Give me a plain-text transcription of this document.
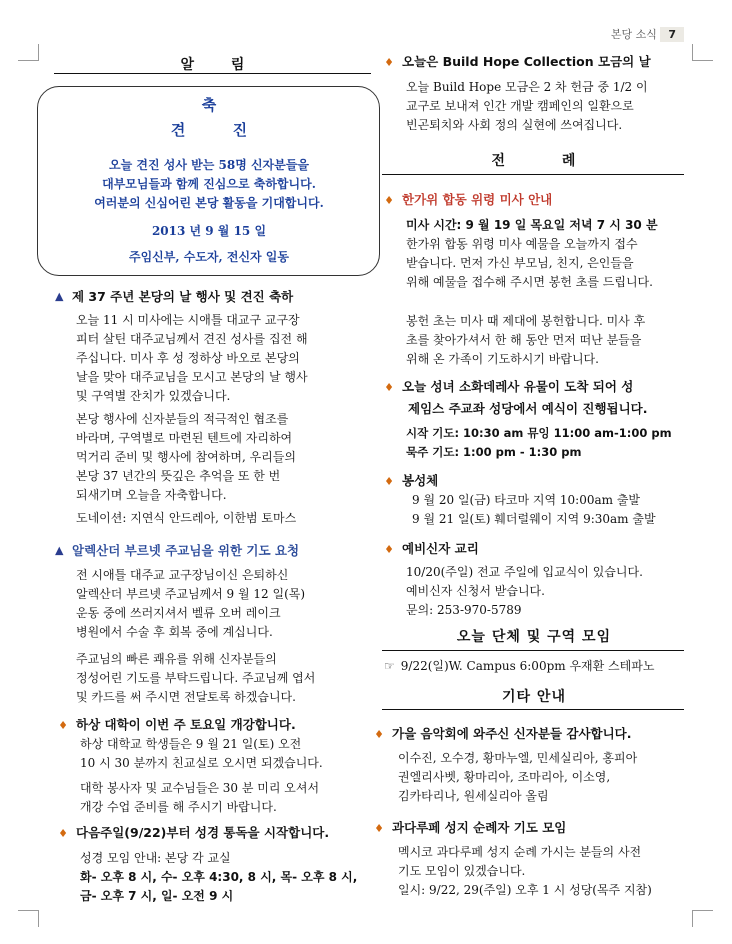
본당 소식 7
알 림
축
견 진
오늘 견진 성사 받는 58명 신자분들을
대부모님들과 함께 진심으로 축하합니다.
여러분의 신심어린 본당 활동을 기대합니다.
2013 년 9 월 15 일
주임신부, 수도자, 전신자 일동
▼ 제 37 주년 본당의 날 행사 및 견진 축하
오늘 11 시 미사에는 시애틀 대교구 교구장
피터 살틴 대주교님께서 견진 성사를 집전 해
주십니다. 미사 후 성 정하상 바오로 본당의
날을 맞아 대주교님을 모시고 본당의 날 행사
및 구역별 잔치가 있겠습니다.
본당 행사에 신자분들의 적극적인 협조를
바라며, 구역별로 마련된 텐트에 자리하여
먹거리 준비 및 행사에 참여하며, 우리들의
본당 37 년간의 뜻깊은 추억을 또 한 번
되새기며 오늘을 자축합니다.
도네이션: 지연식 안드레아, 이한범 토마스
▼ 알렉산더 부르넷 주교님을 위한 기도 요청
전 시애틀 대주교 교구장님이신 은퇴하신
알렉산더 부르넷 주교님께서 9 월 12 일(목)
운동 중에 쓰러지셔서 벨류 오버 레이크
병원에서 수술 후 회복 중에 계십니다.
주교님의 빠른 쾌유를 위해 신자분들의
정성어린 기도를 부탁드립니다. 주교님께 엽서
및 카드를 써 주시면 전달토록 하겠습니다.
♦ 하상 대학이 이번 주 토요일 개강합니다.
하상 대학교 학생들은 9 월 21 일(토) 오전
10 시 30 분까지 친교실로 오시면 되겠습니다.
대학 봉사자 및 교수님들은 30 분 미리 오셔서
개강 수업 준비를 해 주시기 바랍니다.
♦ 다음주일(9/22)부터 성경 통독을 시작합니다.
성경 모임 안내: 본당 각 교실
화- 오후 8 시, 수- 오후 4:30, 8 시, 목- 오후 8 시,
금- 오후 7 시, 일- 오전 9 시
♦ 오늘은 Build Hope Collection 모금의 날
오늘 Build Hope 모금은 2 차 헌금 중 1/2 이
교구로 보내져 인간 개발 캠페인의 일환으로
빈곤퇴치와 사회 정의 실현에 쓰여집니다.
전 례
♦ 한가위 합동 위령 미사 안내
미사 시간: 9 월 19 일 목요일 저녁 7 시 30 분
한가위 합동 위령 미사 예물을 오늘까지 접수
받습니다. 먼저 가신 부모님, 친지, 은인들을
위해 예물을 접수해 주시면 봉헌 초를 드립니다.
봉헌 초는 미사 때 제대에 봉헌합니다. 미사 후
초를 찾아가셔서 한 해 동안 먼저 떠난 분들을
위해 온 가족이 기도하시기 바랍니다.
♦ 오늘 성녀 소화데레사 유물이 도착 되어 성
제임스 주교좌 성당에서 예식이 진행됩니다.
시작 기도: 10:30 am 뮤잉 11:00 am-1:00 pm
묵주 기도: 1:00 pm - 1:30 pm
♦ 봉성체
9 월 20 일(금) 타코마 지역 10:00am 출발
9 월 21 일(토) 훼더럴웨이 지역 9:30am 출발
♦ 예비신자 교리
10/20(주일) 전교 주일에 입교식이 있습니다.
예비신자 신청서 받습니다.
문의: 253-970-5789
오늘 단체 및 구역 모임
☞ 9/22(일)W. Campus 6:00pm 우재환 스테파노
기타 안내
♦ 가을 음악회에 와주신 신자분들 감사합니다.
이수진, 오수경, 황마누엘, 민세실리아, 홍피아
권엘리사벳, 황마리아, 조마리아, 이소영,
김카타리나, 원세실리아 올림
♦ 과다루페 성지 순례자 기도 모임
멕시코 과다루페 성지 순례 가시는 분들의 사전
기도 모임이 있겠습니다.
일시: 9/22, 29(주일) 오후 1 시 성당(목주 지참)
